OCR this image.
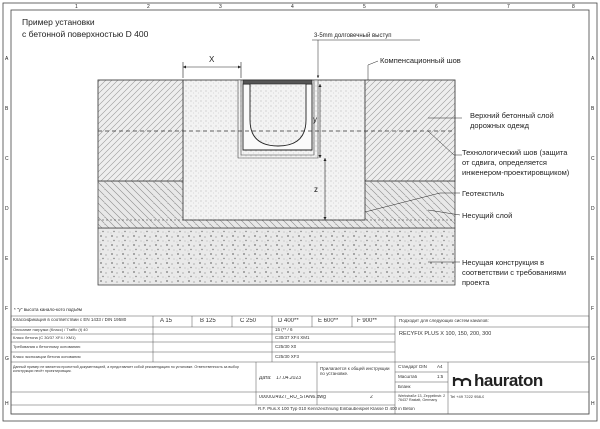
A
B
C
D
E
F
G
H
A
B
C
D
E
F
G
H
1	2	3	4	5	6	7	8
Пример установки
с бетонной поверхностью D 400
X
y
z
3-5mm долговечный выступ
Компенсационный шов
Верхний бетонный слой
дорожных одежд
Технологический шов (защита
от сдвига, определяется
инженером-проектировщиком)
Геотекстиль
Несущий слой
Несущая конструкция в
соответствии с требованиями
проекта
* "y" высота канало-кото подъём
Классификация в соответствии с EN 1433 / DIN 19580	A 15	B 125	C 250	D 400**	E 600**	F 900**	Подходит для следующих систем каналов:
RECYFIX PLUS X 100, 150, 200, 300
Описание нагрузки (Класс) / Traffic (t) 40	15 (** / 6
Класс бетона (C 30/37 XF4 / XM1)	C30/37 XF4 XM1
Требования к бетонному основанию	C25/30 X0
Класс экспозиции бетона основания	C25/30 XF3
Данный пример не является проектной документацией, а представляет собой рекомендацию по установке. Ответственность за выбор конструкции несёт проектировщик.
Дата: 17.04.2023
Прилагается к общей инструкции по установке.
0000024927_RU_STAN6.dwg	2
Стандарт DIN A4
Масштаб	1:5
Бланк	hauraton
Werkstraße 13, Zeppelinstr. 2 76437 Rastatt, Germany
Tel +49 7222 958-0
R.F. Plus.X 100 Typ 010 Kennzeichnung Einbaubeispiel Klasse D 400 in Beton
